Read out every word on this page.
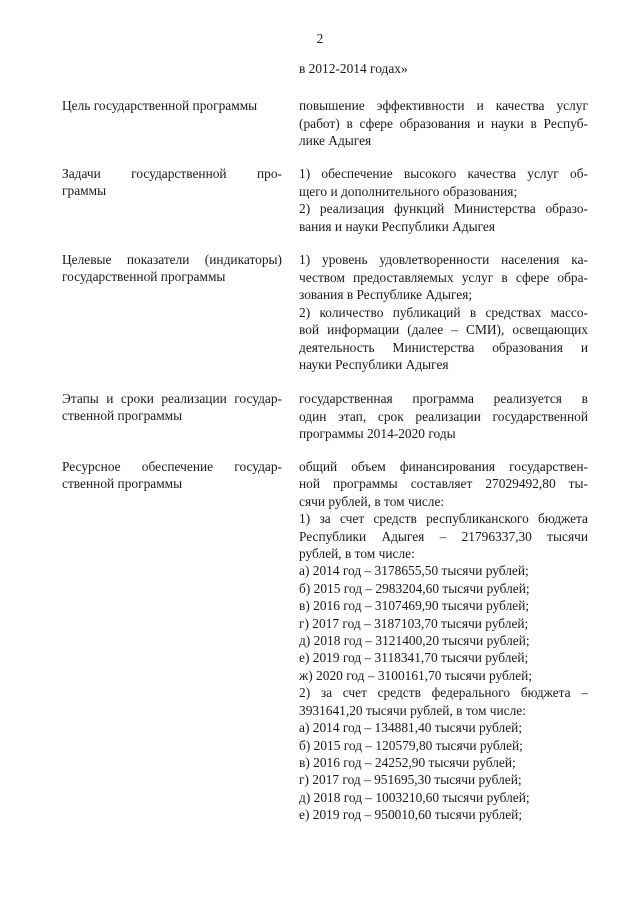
2
в 2012-2014 годах»
Цель государственной программы	повышение эффективности и качества услуг
(работ) в сфере образования и науки в Респуб-
лике Адыгея
Задачи государственной про-
граммы
1) обеспечение высокого качества услуг об-
щего и дополнительного образования;
2) реализация функций Министерства образо-
вания и науки Республики Адыгея
Целевые показатели (индикаторы)
государственной программы
1) уровень удовлетворенности населения ка-
чеством предоставляемых услуг в сфере обра-
зования в Республике Адыгея;
2) количество публикаций в средствах массо-
вой информации (далее – СМИ), освещающих
деятельность Министерства образования и
науки Республики Адыгея
Этапы и сроки реализации государ-
ственной программы
государственная программа реализуется в
один этап, срок реализации государственной
программы 2014-2020 годы
Ресурсное обеспечение государ-
ственной программы
общий объем финансирования государствен-
ной программы составляет 27029492,80 ты-
сячи рублей, в том числе:
1) за счет средств республиканского бюджета
Республики Адыгея – 21796337,30 тысячи
рублей, в том числе:
а) 2014 год – 3178655,50 тысячи рублей;
б) 2015 год – 2983204,60 тысячи рублей;
в) 2016 год – 3107469,90 тысячи рублей;
г) 2017 год – 3187103,70 тысячи рублей;
д) 2018 год – 3121400,20 тысячи рублей;
е) 2019 год – 3118341,70 тысячи рублей;
ж) 2020 год – 3100161,70 тысячи рублей;
2) за счет средств федерального бюджета –
3931641,20 тысячи рублей, в том числе:
а) 2014 год – 134881,40 тысячи рублей;
б) 2015 год – 120579,80 тысячи рублей;
в) 2016 год – 24252,90 тысячи рублей;
г) 2017 год – 951695,30 тысячи рублей;
д) 2018 год – 1003210,60 тысячи рублей;
е) 2019 год – 950010,60 тысячи рублей;
